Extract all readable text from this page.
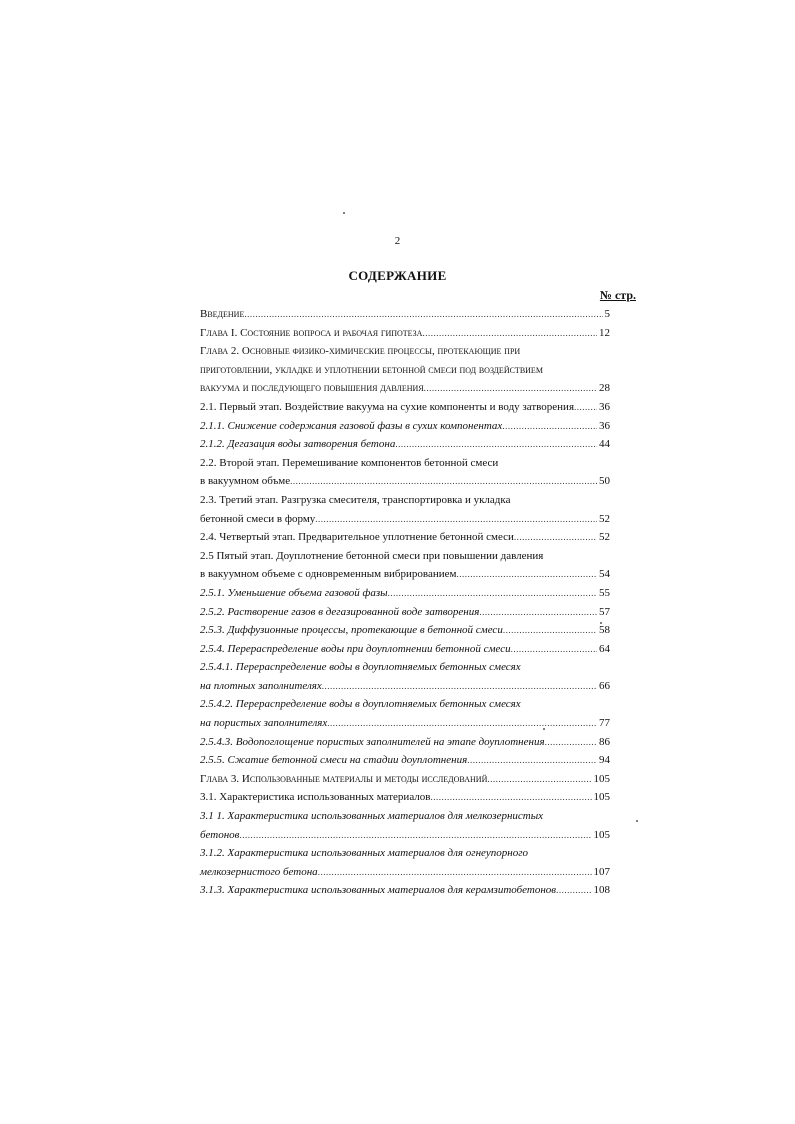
2
СОДЕРЖАНИЕ
№ стр.
Введение .....	5
Глава I. Состояние вопроса и рабочая гипотеза .....	12
Глава 2. Основные физико-химические процессы, протекающие при
приготовлении, укладке и уплотнении бетонной смеси под воздействием
вакуума и последующего повышения давления .....	28
2.1. Первый этап. Воздействие вакуума на сухие компоненты и воду затворения ..... 36
2.1.1. Снижение содержания газовой фазы в сухих компонентах .....	36
2.1.2. Дегазация воды затворения бетона .....	44
2.2. Второй этап. Перемешивание компонентов бетонной смеси
в вакуумном объме .....	50
2.3. Третий этап. Разгрузка смесителя, транспортировка и укладка
бетонной смеси в форму .....	52
2.4. Четвертый этап. Предварительное уплотнение бетонной смеси .....	52
2.5 Пятый этап. Доуплотнение бетонной смеси при повышении давления
в вакуумном объеме с одновременным вибрированием .....	54
2.5.1. Уменьшение объема газовой фазы .....	55
2.5.2. Растворение газов в дегазированной воде затворения .....	57
2.5.3. Диффузионные процессы, протекающие в бетонной смеси .....	58
2.5.4. Перераспределение воды при доуплотнении бетонной смеси .....	64
2.5.4.1. Перераспределение воды в доуплотняемых бетонных смесях
на плотных заполнителях .....	66
2.5.4.2. Перераспределение воды в доуплотняемых бетонных смесях
на пористых заполнителях .....	77
2.5.4.3. Водопоглощение пористых заполнителей на этапе доуплотнения .....	86
2.5.5. Сжатие бетонной смеси на стадии доуплотнения .....	94
Глава 3. Использованные материалы и методы исследований .....	105
3.1. Характеристика использованных материалов .....	105
3.1 1. Характеристика использованных материалов для мелкозернистых
бетонов .....	105
3.1.2. Характеристика использованных материалов для огнеупорного
мелкозернистого бетона .....	107
3.1.3. Характеристика использованных материалов для керамзитобетонов .....	108
